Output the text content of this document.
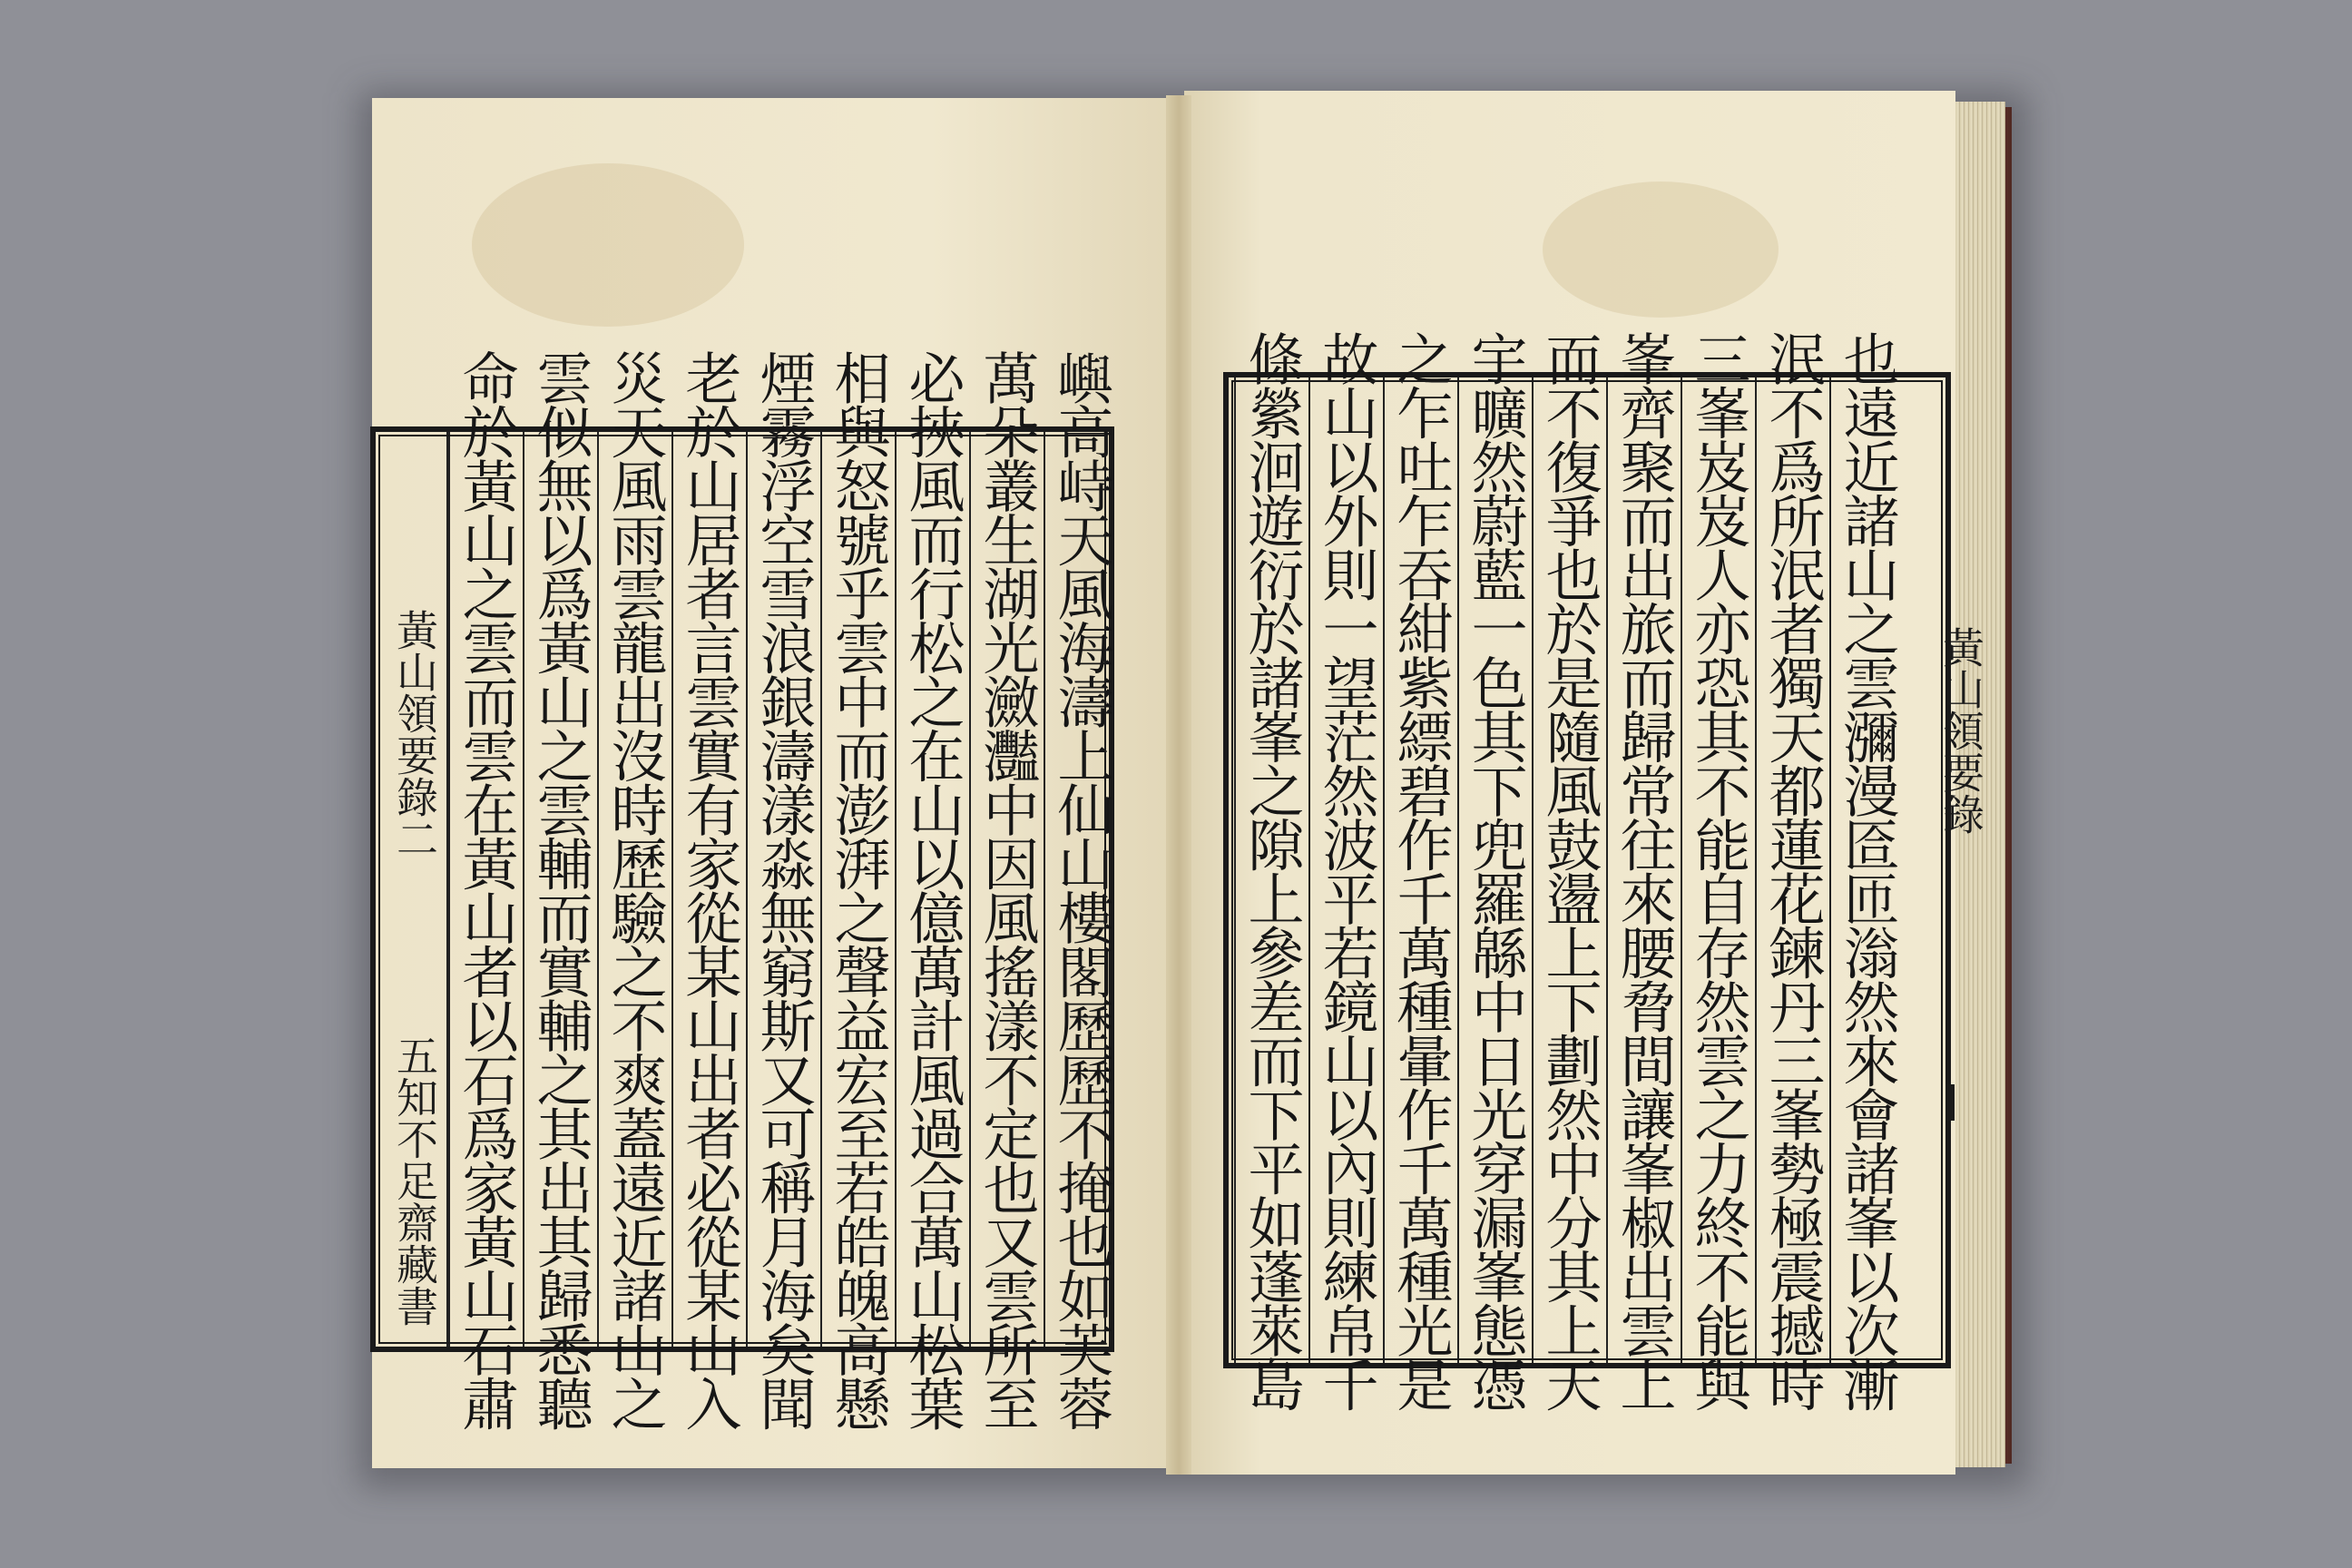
黃山領要錄二  五知不足齋藏書	嶼高峙天風海濤上仙山樓閣歷歷不掩也如芙蓉
萬朵叢生湖光瀲灩中因風搖漾不定也又雲所至
必挾風而行松之在山以億萬計風過合萬山松葉
相與怒號乎雲中而澎湃之聲益宏至若皓魄高懸
煙霧浮空雪浪銀濤漾淼無窮斯又可稱月海矣聞
老於山居者言雲實有家從某山出者必從某山入
災天風雨雲龍出沒時歷驗之不爽蓋遠近諸山之
雲似無以爲黃山之雲輔而實輔之其出其歸悉聽
命於黃山之雲而雲在黃山者以石爲家黃山石肅	也遠近諸山之雲瀰漫匼匝滃然來會諸峯以次漸
泯不爲所泯者獨天都蓮花鍊丹三峯勢極震撼時
三峯岌岌人亦恐其不能自存然雲之力終不能與
峯齊聚而出旅而歸常往來腰脅間讓峯椒出雲上
而不復爭也於是隨風鼓盪上下劃然中分其上天
宇曠然蔚藍一色其下兜羅緜中日光穿漏峯態憑
之乍吐乍吞紺紫縹碧作千萬種暈作千萬種光是
故山以外則一望茫然波平若鏡山以內則練帛千
條縈洄遊衍於諸峯之隙上參差而下平如蓬萊島	黃山領要錄
